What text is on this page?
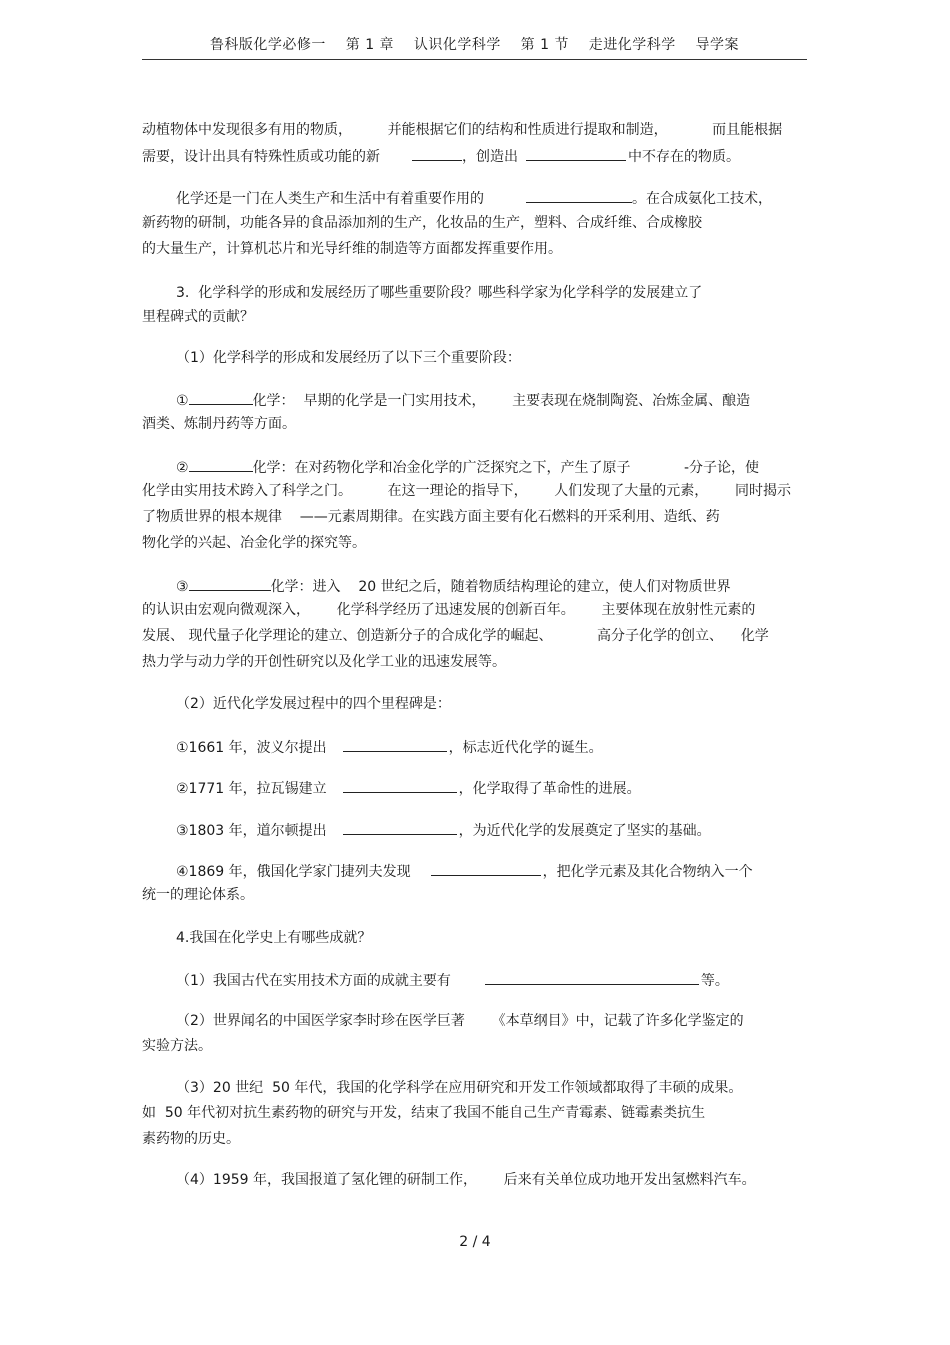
鲁科版化学必修一    第 1 章    认识化学科学    第 1 节    走进化学科学    导学案
动植物体中发现很多有用的物质，        并能根据它们的结构和性质进行提取和制造，          而且能根据
需要，设计出具有特殊性质或功能的新	，创造出	中不存在的物质。
化学还是一门在人类生产和生活中有着重要作用的	。在合成氨化工技术，
新药物的研制，功能各异的食品添加剂的生产，化妆品的生产，塑料、合成纤维、合成橡胶
的大量生产，计算机芯片和光导纤维的制造等方面都发挥重要作用。
3.  化学科学的形成和发展经历了哪些重要阶段？哪些科学家为化学科学的发展建立了
里程碑式的贡献？
（1）化学科学的形成和发展经历了以下三个重要阶段：
①	化学：  早期的化学是一门实用技术，      主要表现在烧制陶瓷、冶炼金属、酿造
酒类、炼制丹药等方面。
②	化学：在对药物化学和冶金化学的广泛探究之下，产生了原子            -分子论，使
化学由实用技术跨入了科学之门。        在这一理论的指导下，      人们发现了大量的元素，      同时揭示
了物质世界的根本规律    ——元素周期律。在实践方面主要有化石燃料的开采利用、造纸、药
物化学的兴起、冶金化学的探究等。
③	化学：进入    20 世纪之后，随着物质结构理论的建立，使人们对物质世界
的认识由宏观向微观深入，      化学科学经历了迅速发展的创新百年。      主要体现在放射性元素的
发展、 现代量子化学理论的建立、创造新分子的合成化学的崛起、          高分子化学的创立、    化学
热力学与动力学的开创性研究以及化学工业的迅速发展等。
（2）近代化学发展过程中的四个里程碑是：
①1661 年，波义尔提出	，标志近代化学的诞生。
②1771 年，拉瓦锡建立	，化学取得了革命性的进展。
③1803 年，道尔顿提出	，为近代化学的发展奠定了坚实的基础。
④1869 年，俄国化学家门捷列夫发现	，把化学元素及其化合物纳入一个
统一的理论体系。
4.我国在化学史上有哪些成就？
（1）我国古代在实用技术方面的成就主要有	等。
（2）世界闻名的中国医学家李时珍在医学巨著      《本草纲目》中，记载了许多化学鉴定的
实验方法。
（3）20 世纪  50 年代，我国的化学科学在应用研究和开发工作领域都取得了丰硕的成果。
如  50 年代初对抗生素药物的研究与开发，结束了我国不能自己生产青霉素、链霉素类抗生
素药物的历史。
（4）1959 年，我国报道了氢化锂的研制工作，      后来有关单位成功地开发出氢燃料汽车。
2 / 4
